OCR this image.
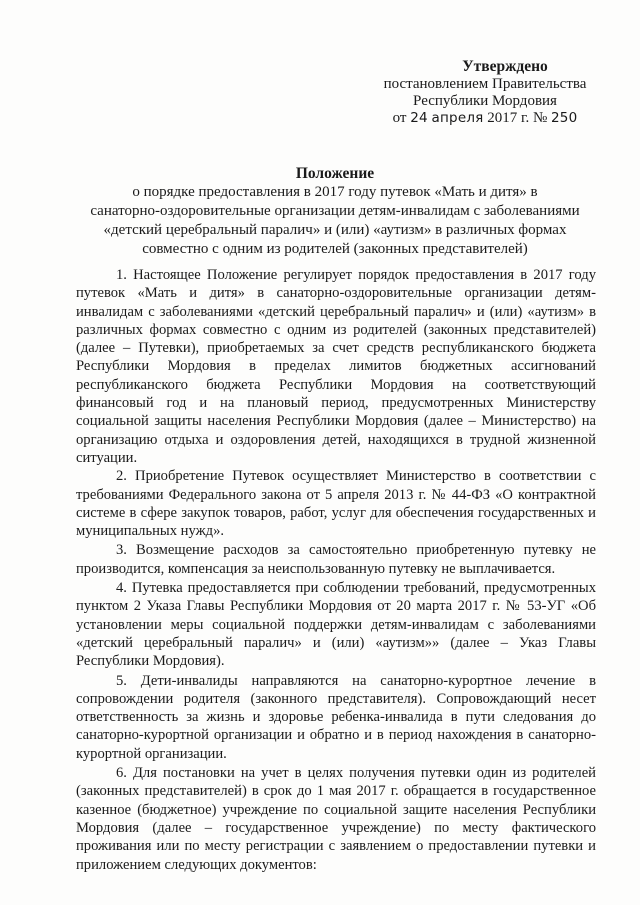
Утверждено
постановлением Правительства
Республики Мордовия
от 24 апреля 2017 г. № 250
Положение
о порядке предоставления в 2017 году путевок «Мать и дитя» в
санаторно-оздоровительные организации детям-инвалидам с заболеваниями
«детский церебральный паралич» и (или) «аутизм» в различных формах
совместно с одним из родителей (законных представителей)

1. Настоящее Положение регулирует порядок предоставления в 2017 году путевок «Мать и дитя» в санаторно-оздоровительные организации детям-инвалидам с заболеваниями «детский церебральный паралич» и (или) «аутизм» в различных формах совместно с одним из родителей (законных представителей) (далее – Путевки), приобретаемых за счет средств республиканского бюджета Республики Мордовия в пределах лимитов бюджетных ассигнований республиканского бюджета Республики Мордовия на соответствующий финансовый год и на плановый период, предусмотренных Министерству социальной защиты населения Республики Мордовия (далее – Министерство) на организацию отдыха и оздоровления детей, находящихся в трудной жизненной ситуации.

2. Приобретение Путевок осуществляет Министерство в соответствии с требованиями Федерального закона от 5 апреля 2013 г. № 44-ФЗ «О контрактной системе в сфере закупок товаров, работ, услуг для обеспечения государственных и муниципальных нужд».

3. Возмещение расходов за самостоятельно приобретенную путевку не производится, компенсация за неиспользованную путевку не выплачивается.

4. Путевка предоставляется при соблюдении требований, предусмотренных пунктом 2 Указа Главы Республики Мордовия от 20 марта 2017 г. № 53-УГ «Об установлении меры социальной поддержки детям-инвалидам с заболеваниями «детский церебральный паралич» и (или) «аутизм»» (далее – Указ Главы Республики Мордовия).

5. Дети-инвалиды направляются на санаторно-курортное лечение в сопровождении родителя (законного представителя). Сопровождающий несет ответственность за жизнь и здоровье ребенка-инвалида в пути следования до санаторно-курортной организации и обратно и в период нахождения в санаторно-курортной организации.

6. Для постановки на учет в целях получения путевки один из родителей (законных представителей) в срок до 1 мая 2017 г. обращается в государственное казенное (бюджетное) учреждение по социальной защите населения Республики Мордовия (далее – государственное учреждение) по месту фактического проживания или по месту регистрации с заявлением о предоставлении путевки и приложением следующих документов:
